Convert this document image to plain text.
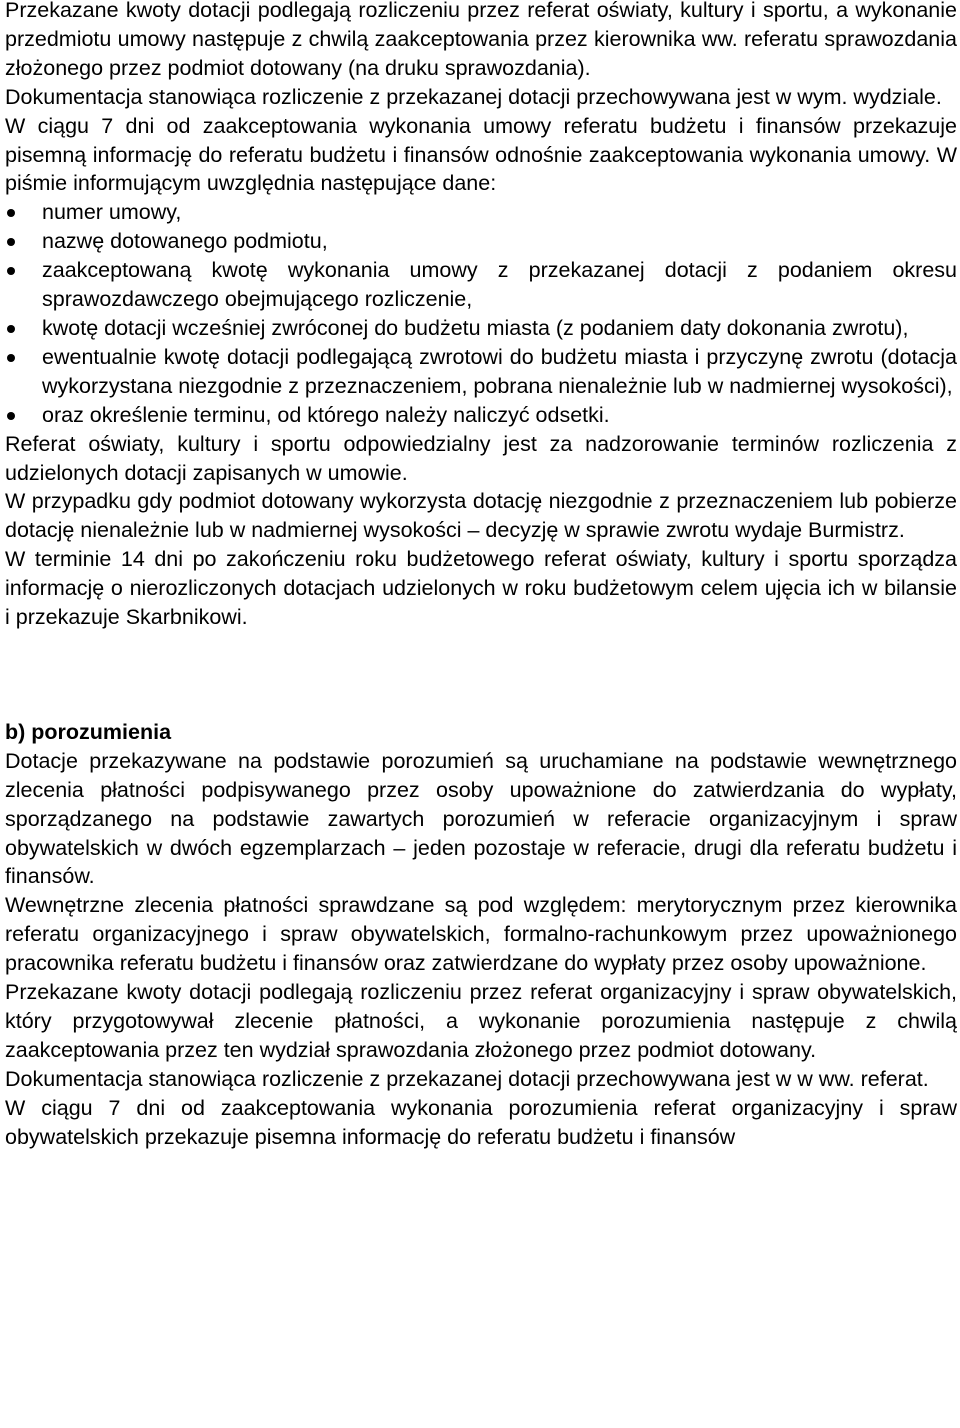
Przekazane kwoty dotacji podlegają rozliczeniu przez referat oświaty, kultury i sportu, a wykonanie przedmiotu umowy następuje z chwilą zaakceptowania przez kierownika ww. referatu sprawozdania złożonego przez podmiot dotowany (na druku sprawozdania).

Dokumentacja stanowiąca rozliczenie z przekazanej dotacji przechowywana jest w wym. wydziale.

W ciągu 7 dni od zaakceptowania wykonania umowy referatu budżetu i finansów przekazuje pisemną informację do referatu budżetu i finansów odnośnie zaakceptowania wykonania umowy. W piśmie informującym uwzględnia następujące dane:

numer umowy,
nazwę dotowanego podmiotu,
zaakceptowaną kwotę wykonania umowy z przekazanej dotacji z podaniem okresu sprawozdawczego obejmującego rozliczenie,
kwotę dotacji wcześniej zwróconej do budżetu miasta (z podaniem daty dokonania zwrotu),
ewentualnie kwotę dotacji podlegającą zwrotowi do budżetu miasta i przyczynę zwrotu (dotacja wykorzystana niezgodnie z przeznaczeniem, pobrana nienależnie lub w nadmiernej wysokości),
oraz określenie terminu, od którego należy naliczyć odsetki.

Referat oświaty, kultury i sportu odpowiedzialny jest za nadzorowanie terminów rozliczenia z udzielonych dotacji zapisanych w umowie.

W przypadku gdy podmiot dotowany wykorzysta dotację niezgodnie z przeznaczeniem lub pobierze dotację nienależnie lub w nadmiernej wysokości – decyzję w sprawie zwrotu wydaje Burmistrz.

W terminie 14 dni po zakończeniu roku budżetowego referat oświaty, kultury i sportu sporządza informację o nierozliczonych dotacjach udzielonych w roku budżetowym celem ujęcia ich w bilansie i przekazuje Skarbnikowi.

b) porozumienia

Dotacje przekazywane na podstawie porozumień są uruchamiane na podstawie wewnętrznego zlecenia płatności podpisywanego przez osoby upoważnione do zatwierdzania do wypłaty, sporządzanego na podstawie zawartych porozumień w referacie organizacyjnym i spraw obywatelskich w dwóch egzemplarzach – jeden pozostaje w referacie, drugi dla referatu budżetu i finansów.

Wewnętrzne zlecenia płatności sprawdzane są pod względem: merytorycznym przez kierownika referatu organizacyjnego i spraw obywatelskich, formalno-rachunkowym przez upoważnionego pracownika referatu budżetu i finansów oraz zatwierdzane do wypłaty przez osoby upoważnione.

Przekazane kwoty dotacji podlegają rozliczeniu przez referat organizacyjny i spraw obywatelskich, który przygotowywał zlecenie płatności, a wykonanie porozumienia następuje z chwilą zaakceptowania przez ten wydział sprawozdania złożonego przez podmiot dotowany.

Dokumentacja stanowiąca rozliczenie z przekazanej dotacji przechowywana jest w w ww. referat.

W ciągu 7 dni od zaakceptowania wykonania porozumienia referat organizacyjny i spraw obywatelskich przekazuje pisemna informację do referatu budżetu i finansów
